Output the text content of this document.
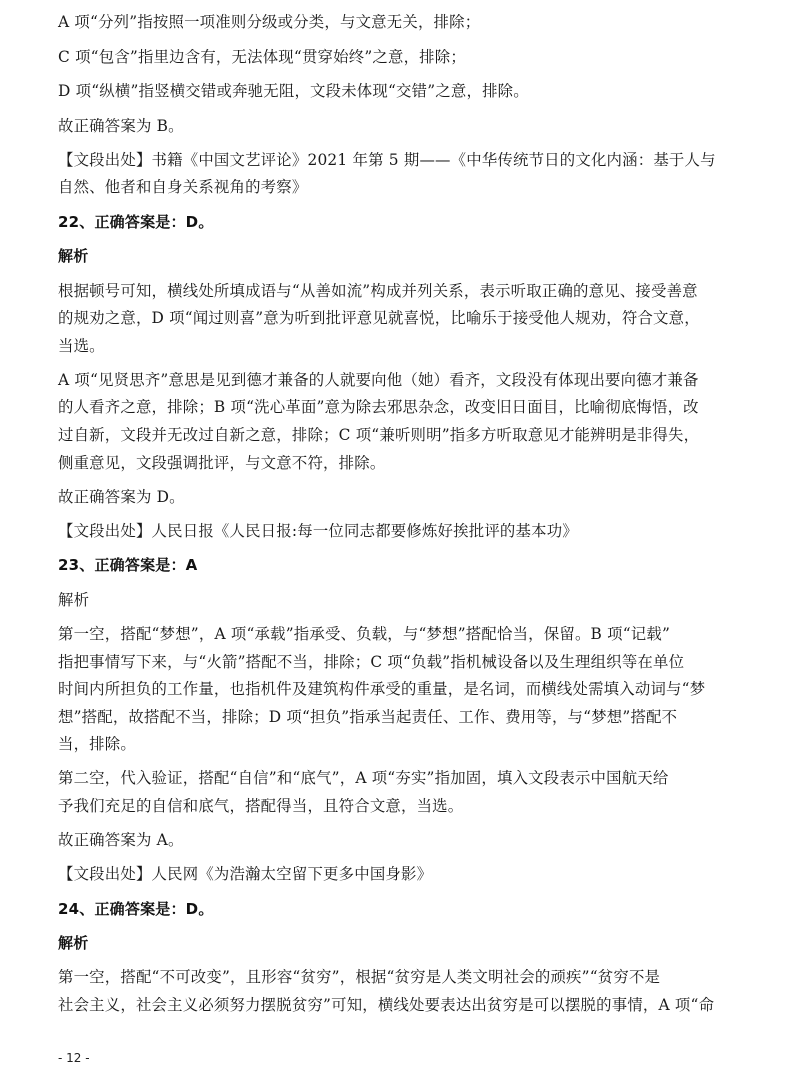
A 项“分列”指按照一项准则分级或分类，与文意无关，排除；
C 项“包含”指里边含有，无法体现“贯穿始终”之意，排除；
D 项“纵横”指竖横交错或奔驰无阻，文段未体现“交错”之意，排除。
故正确答案为 B。
【文段出处】书籍《中国文艺评论》2021 年第 5 期——《中华传统节日的文化内涵：基于人与
自然、他者和自身关系视角的考察》
22、正确答案是：D。
解析
根据顿号可知，横线处所填成语与“从善如流”构成并列关系，表示听取正确的意见、接受善意
的规劝之意，D 项“闻过则喜”意为听到批评意见就喜悦，比喻乐于接受他人规劝，符合文意，
当选。
A 项“见贤思齐”意思是见到德才兼备的人就要向他（她）看齐，文段没有体现出要向德才兼备
的人看齐之意，排除；B 项“洗心革面”意为除去邪思杂念，改变旧日面目，比喻彻底悔悟，改
过自新，文段并无改过自新之意，排除；C 项“兼听则明”指多方听取意见才能辨明是非得失，
侧重意见，文段强调批评，与文意不符，排除。
故正确答案为 D。
【文段出处】人民日报《人民日报:每一位同志都要修炼好挨批评的基本功》
23、正确答案是：A
解析
第一空，搭配“梦想”，A 项“承载”指承受、负载，与“梦想”搭配恰当，保留。B 项“记载”
指把事情写下来，与“火箭”搭配不当，排除；C 项“负载”指机械设备以及生理组织等在单位
时间内所担负的工作量，也指机件及建筑构件承受的重量，是名词，而横线处需填入动词与“梦
想”搭配，故搭配不当，排除；D 项“担负”指承当起责任、工作、费用等，与“梦想”搭配不
当，排除。
第二空，代入验证，搭配“自信”和“底气”，A 项“夯实”指加固，填入文段表示中国航天给
予我们充足的自信和底气，搭配得当，且符合文意，当选。
故正确答案为 A。
【文段出处】人民网《为浩瀚太空留下更多中国身影》
24、正确答案是：D。
解析
第一空，搭配“不可改变”，且形容“贫穷”，根据“贫穷是人类文明社会的顽疾”“贫穷不是
社会主义，社会主义必须努力摆脱贫穷”可知，横线处要表达出贫穷是可以摆脱的事情，A 项“命
- 12 -
